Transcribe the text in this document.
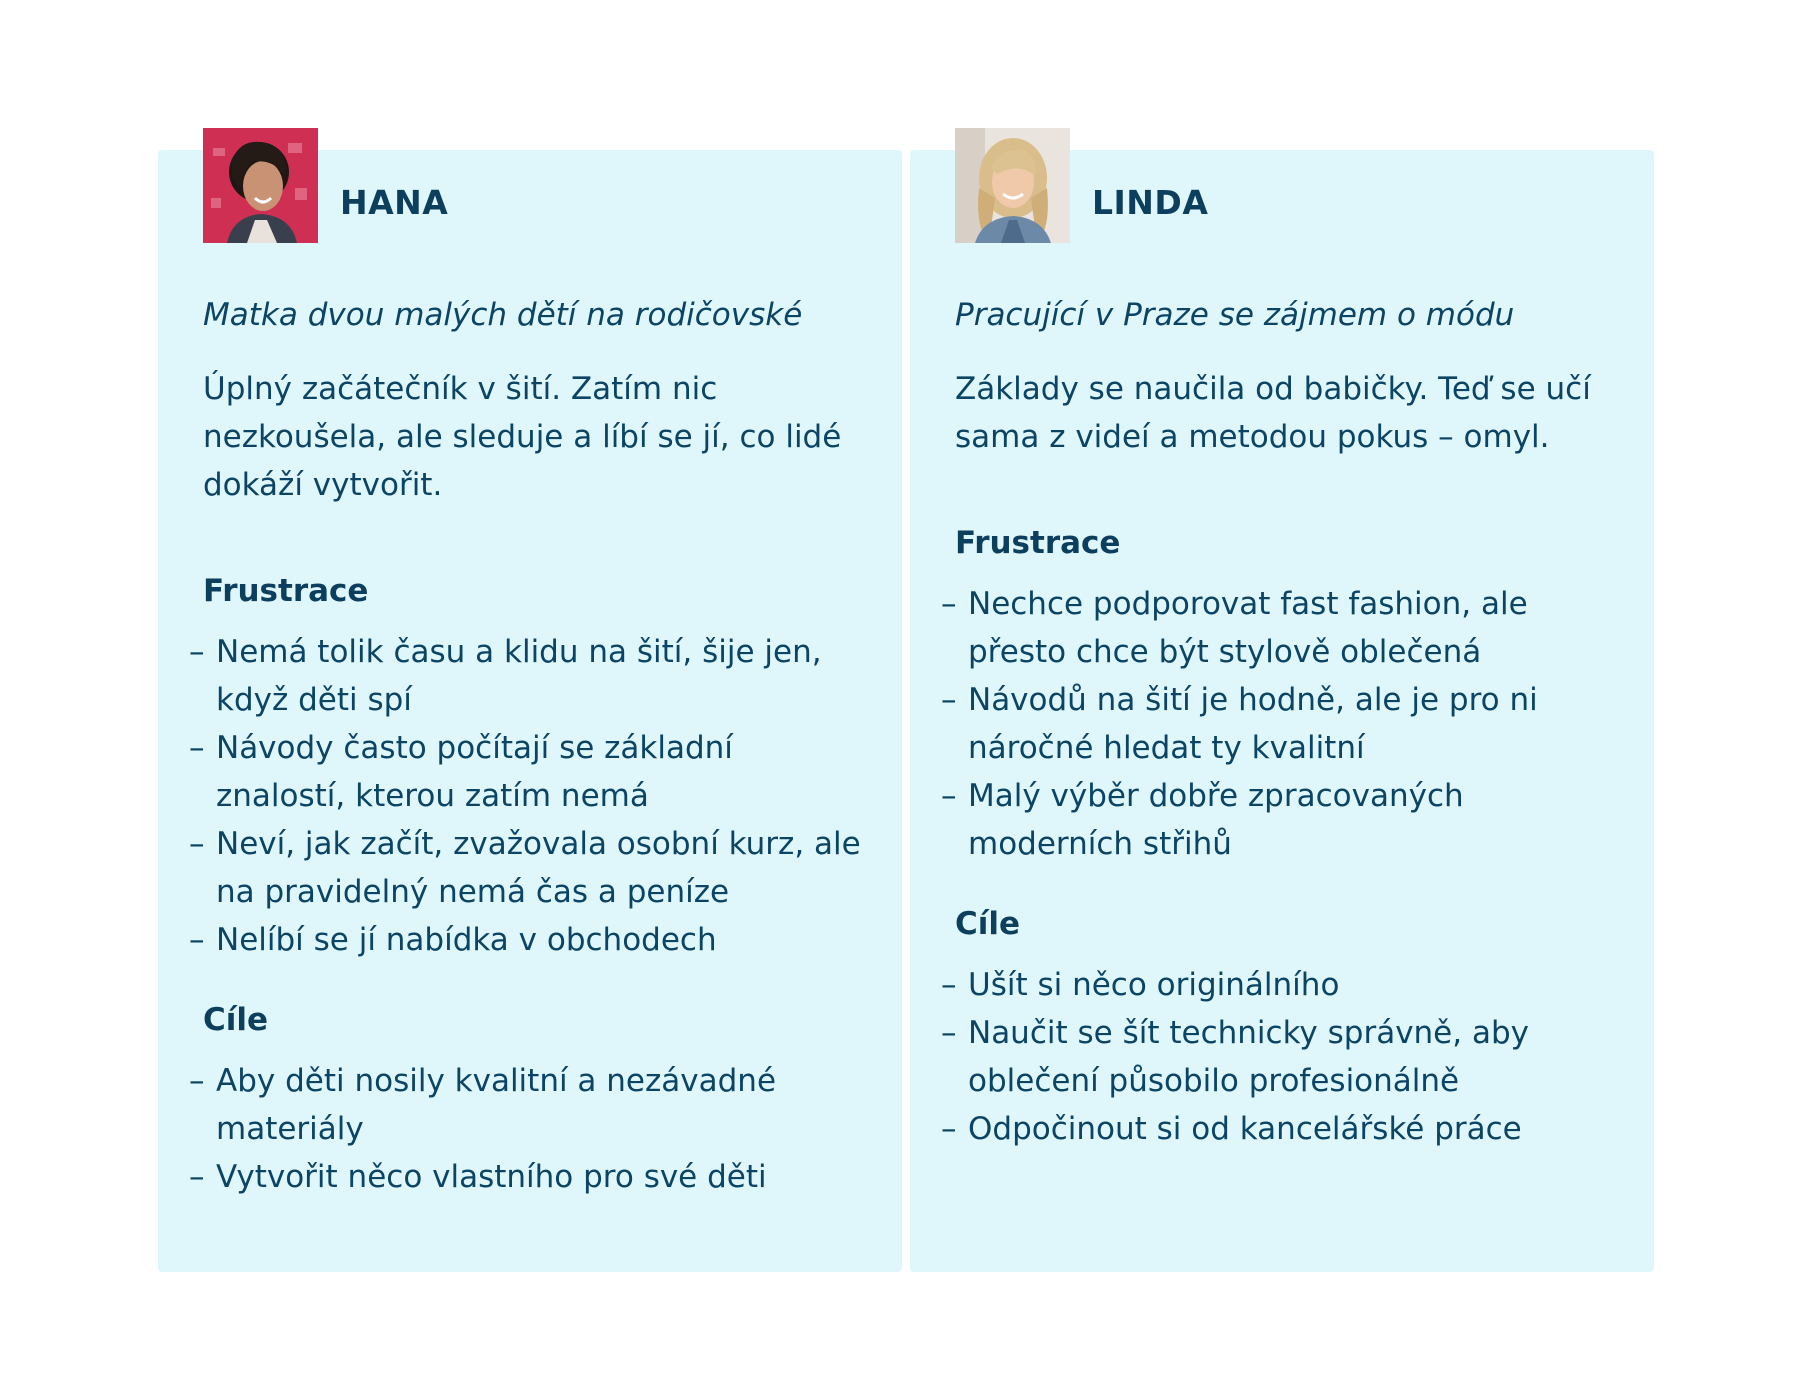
HANA

Matka dvou malých dětí na rodičovské

Úplný začátečník v šití. Zatím nic nezkoušela, ale sleduje a líbí se jí, co lidé dokáží vytvořit.

Frustrace
– Nemá tolik času a klidu na šití, šije jen, když děti spí
– Návody často počítají se základní znalostí, kterou zatím nemá
– Neví, jak začít, zvažovala osobní kurz, ale na pravidelný nemá čas a peníze
– Nelíbí se jí nabídka v obchodech
Cíle
– Aby děti nosily kvalitní a nezávadné materiály
– Vytvořit něco vlastního pro své děti
LINDA

Pracující v Praze se zájmem o módu

Základy se naučila od babičky. Teď se učí sama z videí a metodou pokus – omyl.

Frustrace
– Nechce podporovat fast fashion, ale přesto chce být stylově oblečená
– Návodů na šití je hodně, ale je pro ni náročné hledat ty kvalitní
– Malý výběr dobře zpracovaných moderních střihů
Cíle
– Ušít si něco originálního
– Naučit se šít technicky správně, aby oblečení působilo profesionálně
– Odpočinout si od kancelářské práce
